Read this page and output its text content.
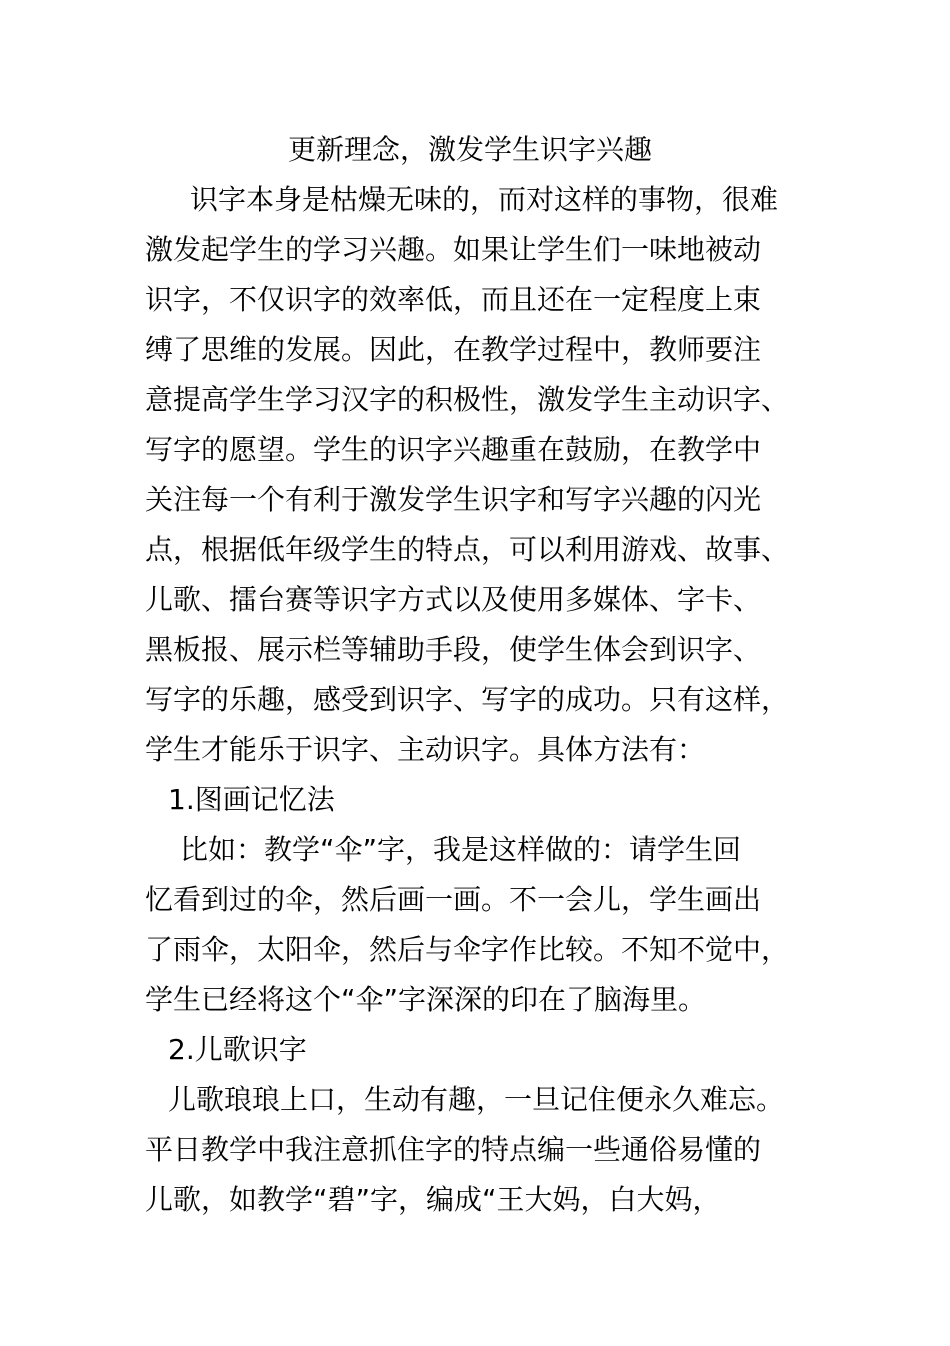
更新理念，激发学生识字兴趣
识字本身是枯燥无味的，而对这样的事物，很难
激发起学生的学习兴趣。如果让学生们一味地被动
识字，不仅识字的效率低，而且还在一定程度上束
缚了思维的发展。因此，在教学过程中，教师要注
意提高学生学习汉字的积极性，激发学生主动识字、
写字的愿望。学生的识字兴趣重在鼓励，在教学中
关注每一个有利于激发学生识字和写字兴趣的闪光
点，根据低年级学生的特点，可以利用游戏、故事、
儿歌、擂台赛等识字方式以及使用多媒体、字卡、
黑板报、展示栏等辅助手段，使学生体会到识字、
写字的乐趣，感受到识字、写字的成功。只有这样，
学生才能乐于识字、主动识字。具体方法有：
1.图画记忆法
比如：教学“伞”字，我是这样做的：请学生回
忆看到过的伞，然后画一画。不一会儿，学生画出
了雨伞，太阳伞，然后与伞字作比较。不知不觉中，
学生已经将这个“伞”字深深的印在了脑海里。
2.儿歌识字
儿歌琅琅上口，生动有趣，一旦记住便永久难忘。
平日教学中我注意抓住字的特点编一些通俗易懂的
儿歌，如教学“碧”字，编成“王大妈，白大妈，
